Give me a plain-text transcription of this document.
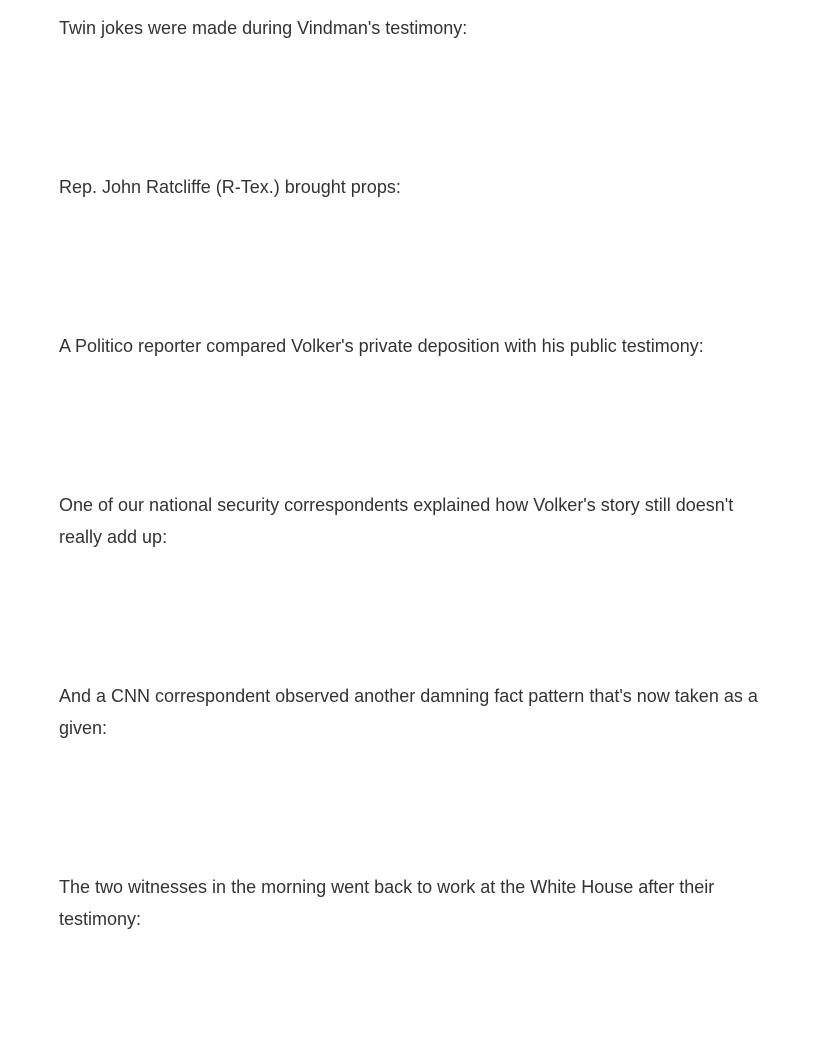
Twin jokes were made during Vindman's testimony:

Rep. John Ratcliffe (R-Tex.) brought props:

A Politico reporter compared Volker's private deposition with his public testimony:

One of our national security correspondents explained how Volker's story still doesn't really add up:

And a CNN correspondent observed another damning fact pattern that's now taken as a given:

The two witnesses in the morning went back to work at the White House after their testimony:
